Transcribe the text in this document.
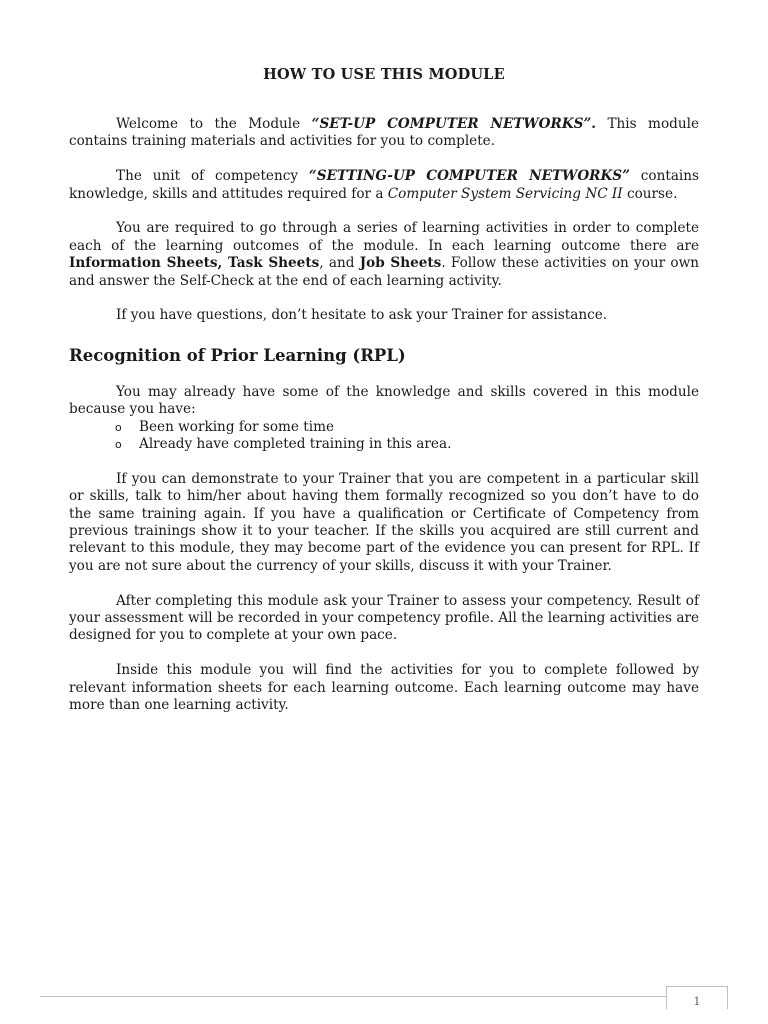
HOW TO USE THIS MODULE

Welcome to the Module “SET-UP COMPUTER NETWORKS”. This module contains training materials and activities for you to complete.

The unit of competency “SETTING-UP COMPUTER NETWORKS” contains knowledge, skills and attitudes required for a Computer System Servicing NC II course.

You are required to go through a series of learning activities in order to complete each of the learning outcomes of the module. In each learning outcome there are Information Sheets, Task Sheets, and Job Sheets. Follow these activities on your own and answer the Self-Check at the end of each learning activity.

If you have questions, don’t hesitate to ask your Trainer for assistance.

Recognition of Prior Learning (RPL)

You may already have some of the knowledge and skills covered in this module because you have:

o Been working for some time
o Already have completed training in this area.

If you can demonstrate to your Trainer that you are competent in a particular skill or skills, talk to him/her about having them formally recognized so you don’t have to do the same training again. If you have a qualification or Certificate of Competency from previous trainings show it to your teacher. If the skills you acquired are still current and relevant to this module, they may become part of the evidence you can present for RPL. If you are not sure about the currency of your skills, discuss it with your Trainer.

After completing this module ask your Trainer to assess your competency. Result of your assessment will be recorded in your competency profile. All the learning activities are designed for you to complete at your own pace.

Inside this module you will find the activities for you to complete followed by relevant information sheets for each learning outcome. Each learning outcome may have more than one learning activity.

1
